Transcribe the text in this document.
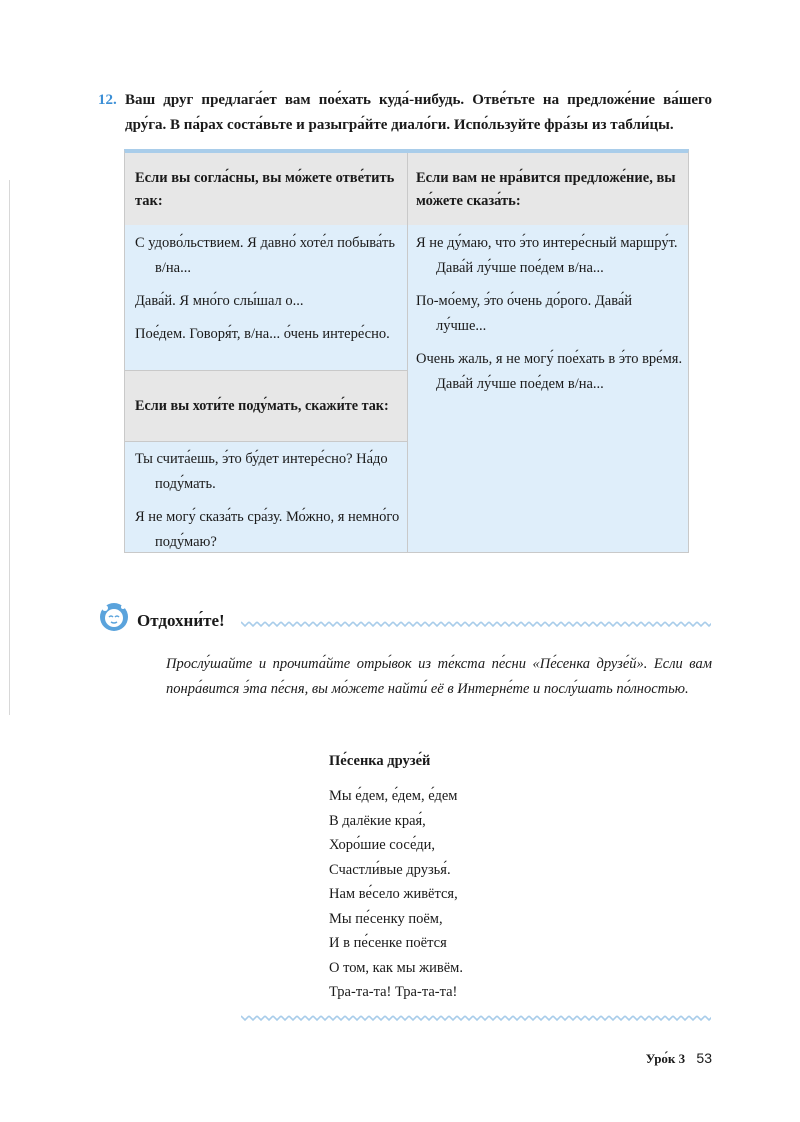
12. Ваш друг предлага́ет вам пое́хать куда́-нибудь. Отве́тьте на предложе́ние ва́шего дру́га. В па́рах соста́вьте и разыгра́йте диало́ги. Испо́льзуйте фра́зы из табли́цы.
Если вы согла́сны, вы мо́жете отве́тить так:
Если вам не нра́вится предложе́ние, вы мо́жете сказа́ть:

С удово́льствием. Я давно́ хоте́л побыва́ть в/на...

Дава́й. Я мно́го слы́шал о...

Пое́дем. Говоря́т, в/на... о́чень интере́сно.

Я не ду́маю, что э́то интере́сный маршру́т. Дава́й лу́чше пое́дем в/на...

По-мо́ему, э́то о́чень до́рого. Дава́й лу́чше...

Очень жаль, я не могу́ пое́хать в э́то вре́мя. Дава́й лу́чше пое́дем в/на...

Если вы хоти́те поду́мать, скажи́те так:

Ты счита́ешь, э́то бу́дет интере́сно? На́до поду́мать.

Я не могу́ сказа́ть сра́зу. Мо́жно, я немно́го поду́маю?

Отдохни́те!
Прослу́шайте и прочита́йте отры́вок из те́кста пе́сни «Пе́сенка друзе́й». Если вам понра́вится э́та пе́сня, вы мо́жете найти́ её в Интерне́те и послу́шать по́лностью.
Пе́сенка друзе́й
Мы е́дем, е́дем, е́дем
В далёкие края́,
Хоро́шие сосе́ди,
Счастли́вые друзья́.
Нам ве́село живётся,
Мы пе́сенку поём,
И в пе́сенке поётся
О том, как мы живём.
Тра-та-та! Тра-та-та!
Уро́к 3 53
